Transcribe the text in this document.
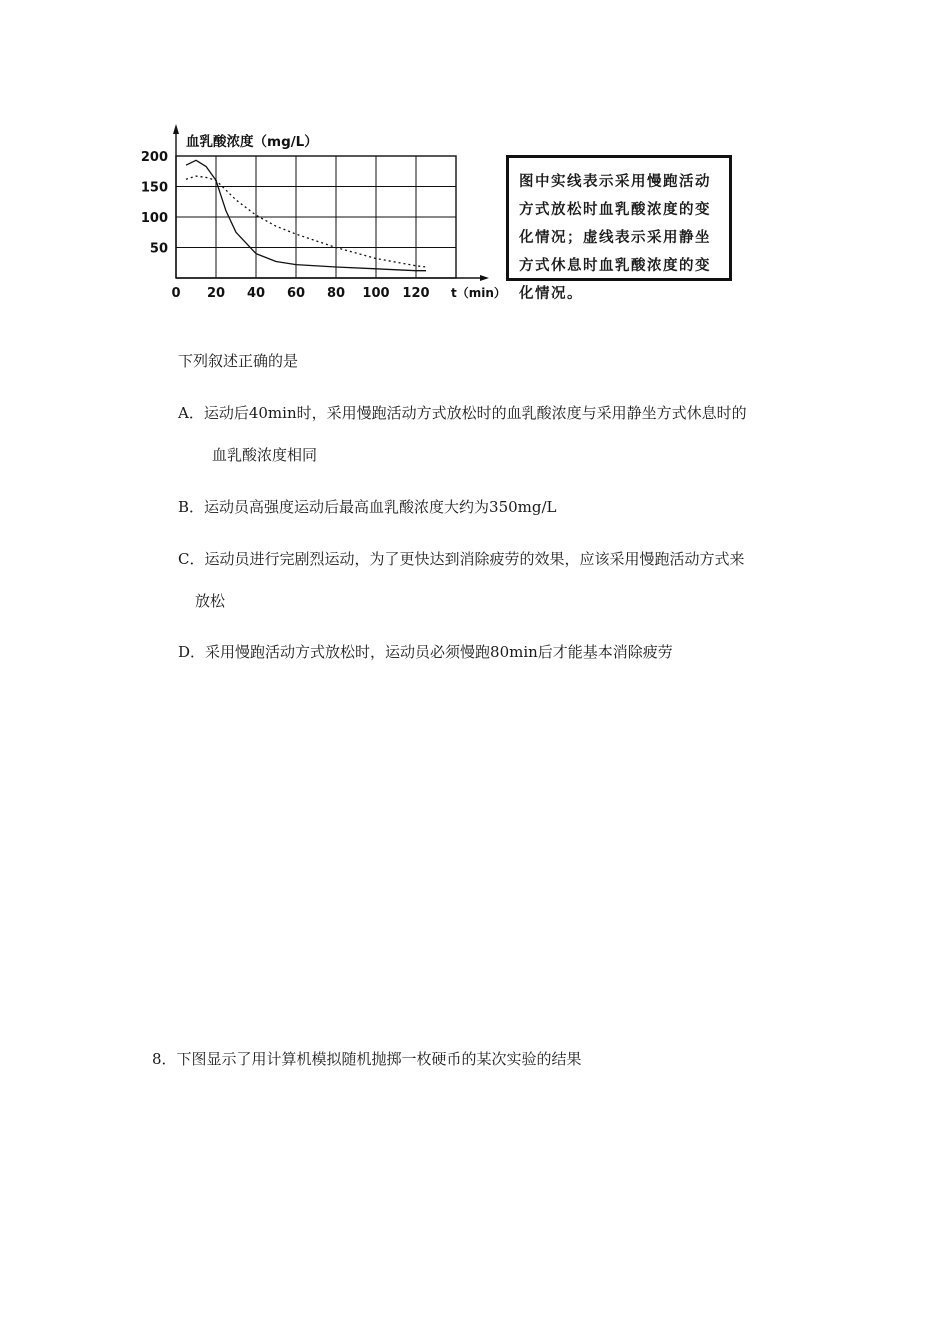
50
100
150
200
0 20 40 60 80 100 120
血乳酸浓度（mg/L）
t（min）
图中实线表示采用慢跑活动方式放松时血乳酸浓度的变化情况；虚线表示采用静坐方式休息时血乳酸浓度的变化情况。
下列叙述正确的是
A．运动后40min时，采用慢跑活动方式放松时的血乳酸浓度与采用静坐方式休息时的
血乳酸浓度相同
B．运动员高强度运动后最高血乳酸浓度大约为350mg/L
C．运动员进行完剧烈运动，为了更快达到消除疲劳的效果，应该采用慢跑活动方式来
放松
D．采用慢跑活动方式放松时，运动员必须慢跑80min后才能基本消除疲劳
8．下图显示了用计算机模拟随机抛掷一枚硬币的某次实验的结果
